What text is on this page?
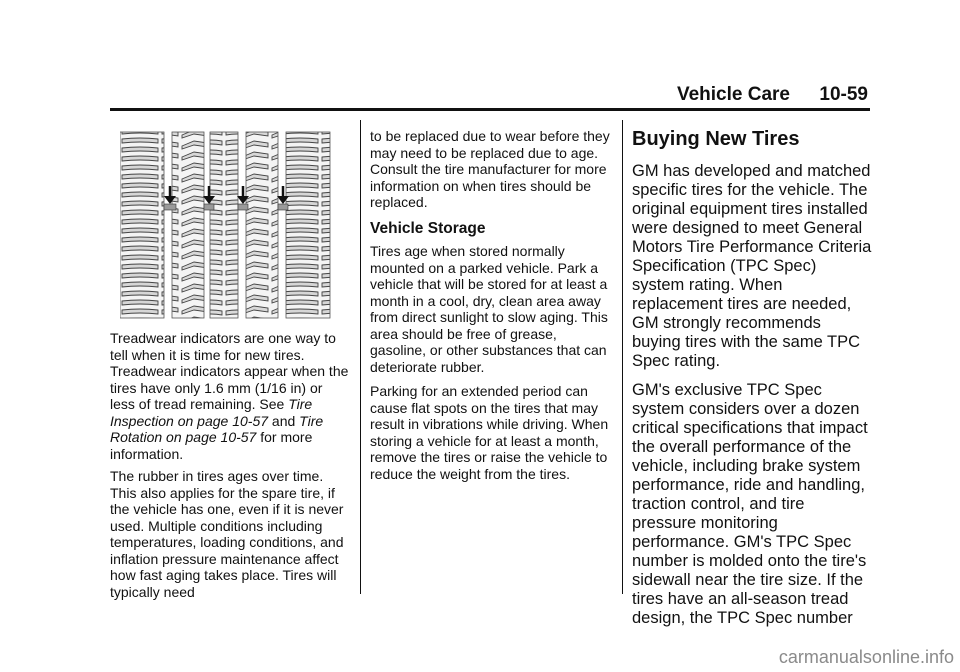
Vehicle Care 10-59

Treadwear indicators are one way to tell when it is time for new tires. Treadwear indicators appear when the tires have only 1.6 mm (1/16 in) or less of tread remaining. See Tire Inspection on page 10-57 and Tire Rotation on page 10-57 for more information.

The rubber in tires ages over time. This also applies for the spare tire, if the vehicle has one, even if it is never used. Multiple conditions including temperatures, loading conditions, and inflation pressure maintenance affect how fast aging takes place. Tires will typically need

to be replaced due to wear before they may need to be replaced due to age. Consult the tire manufacturer for more information on when tires should be replaced.

Vehicle Storage

Tires age when stored normally mounted on a parked vehicle. Park a vehicle that will be stored for at least a month in a cool, dry, clean area away from direct sunlight to slow aging. This area should be free of grease, gasoline, or other substances that can deteriorate rubber.

Parking for an extended period can cause flat spots on the tires that may result in vibrations while driving. When storing a vehicle for at least a month, remove the tires or raise the vehicle to reduce the weight from the tires.

Buying New Tires

GM has developed and matched specific tires for the vehicle. The original equipment tires installed were designed to meet General Motors Tire Performance Criteria Specification (TPC Spec) system rating. When replacement tires are needed, GM strongly recommends buying tires with the same TPC Spec rating.

GM's exclusive TPC Spec system considers over a dozen critical specifications that impact the overall performance of the vehicle, including brake system performance, ride and handling, traction control, and tire pressure monitoring performance. GM's TPC Spec number is molded onto the tire's sidewall near the tire size. If the tires have an all-season tread design, the TPC Spec number

carmanualsonline.info
